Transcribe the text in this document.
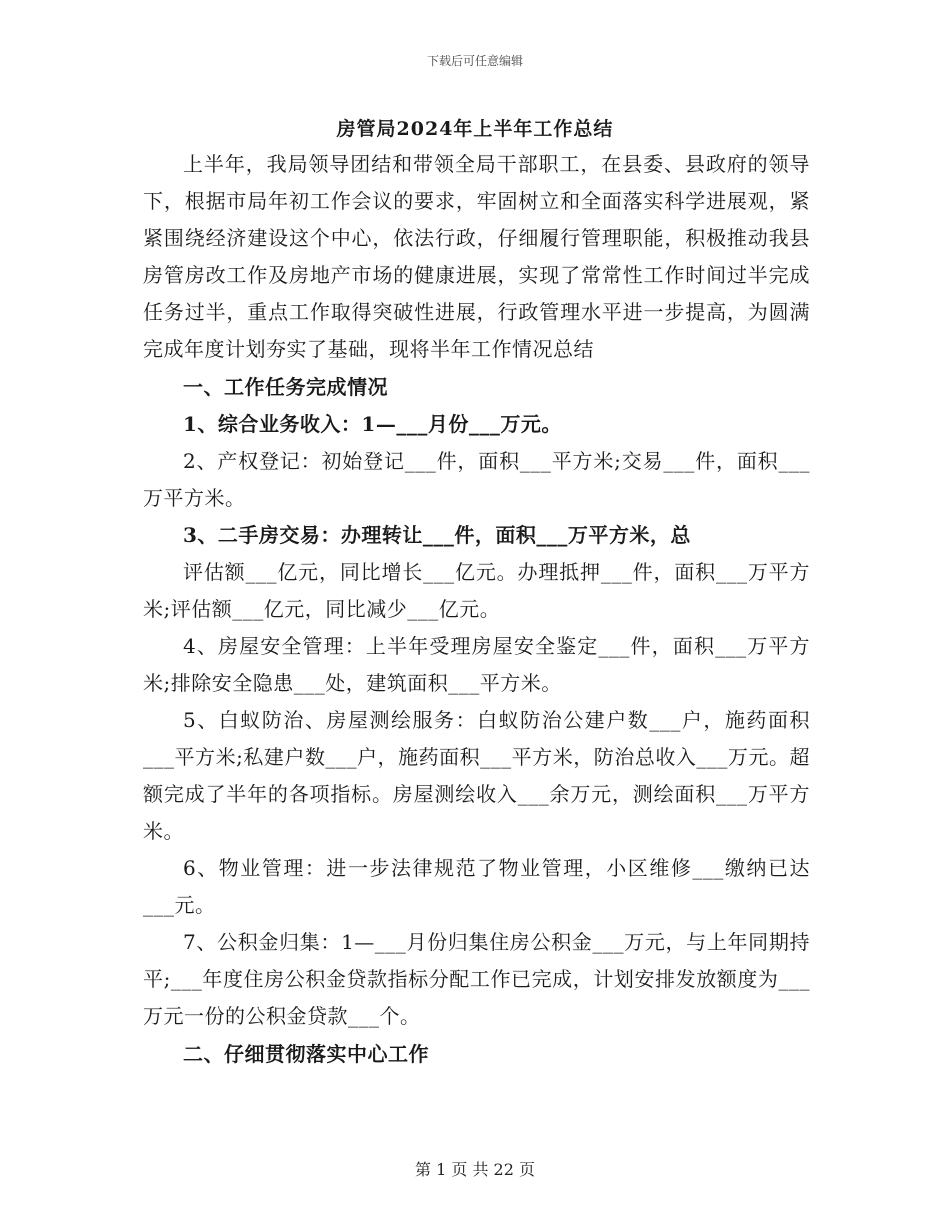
下载后可任意编辑
房管局2024年上半年工作总结

上半年，我局领导团结和带领全局干部职工，在县委、县政府的领导下，根据市局年初工作会议的要求，牢固树立和全面落实科学进展观，紧紧围绕经济建设这个中心，依法行政，仔细履行管理职能，积极推动我县房管房改工作及房地产市场的健康进展，实现了常常性工作时间过半完成任务过半，重点工作取得突破性进展，行政管理水平进一步提高，为圆满完成年度计划夯实了基础，现将半年工作情况总结

一、工作任务完成情况

1、综合业务收入：1—___月份___万元。

2、产权登记：初始登记___件，面积___平方米;交易___件，面积___万平方米。

3、二手房交易：办理转让___件，面积___万平方米，总

评估额___亿元，同比增长___亿元。办理抵押___件，面积___万平方米;评估额___亿元，同比减少___亿元。

4、房屋安全管理：上半年受理房屋安全鉴定___件，面积___万平方米;排除安全隐患___处，建筑面积___平方米。

5、白蚁防治、房屋测绘服务：白蚁防治公建户数___户，施药面积___平方米;私建户数___户，施药面积___平方米，防治总收入___万元。超额完成了半年的各项指标。房屋测绘收入___余万元，测绘面积___万平方米。

6、物业管理：进一步法律规范了物业管理，小区维修___缴纳已达___元。

7、公积金归集：1—___月份归集住房公积金___万元，与上年同期持平;___年度住房公积金贷款指标分配工作已完成，计划安排发放额度为___万元一份的公积金贷款___个。

二、仔细贯彻落实中心工作

第 1 页 共 22 页
